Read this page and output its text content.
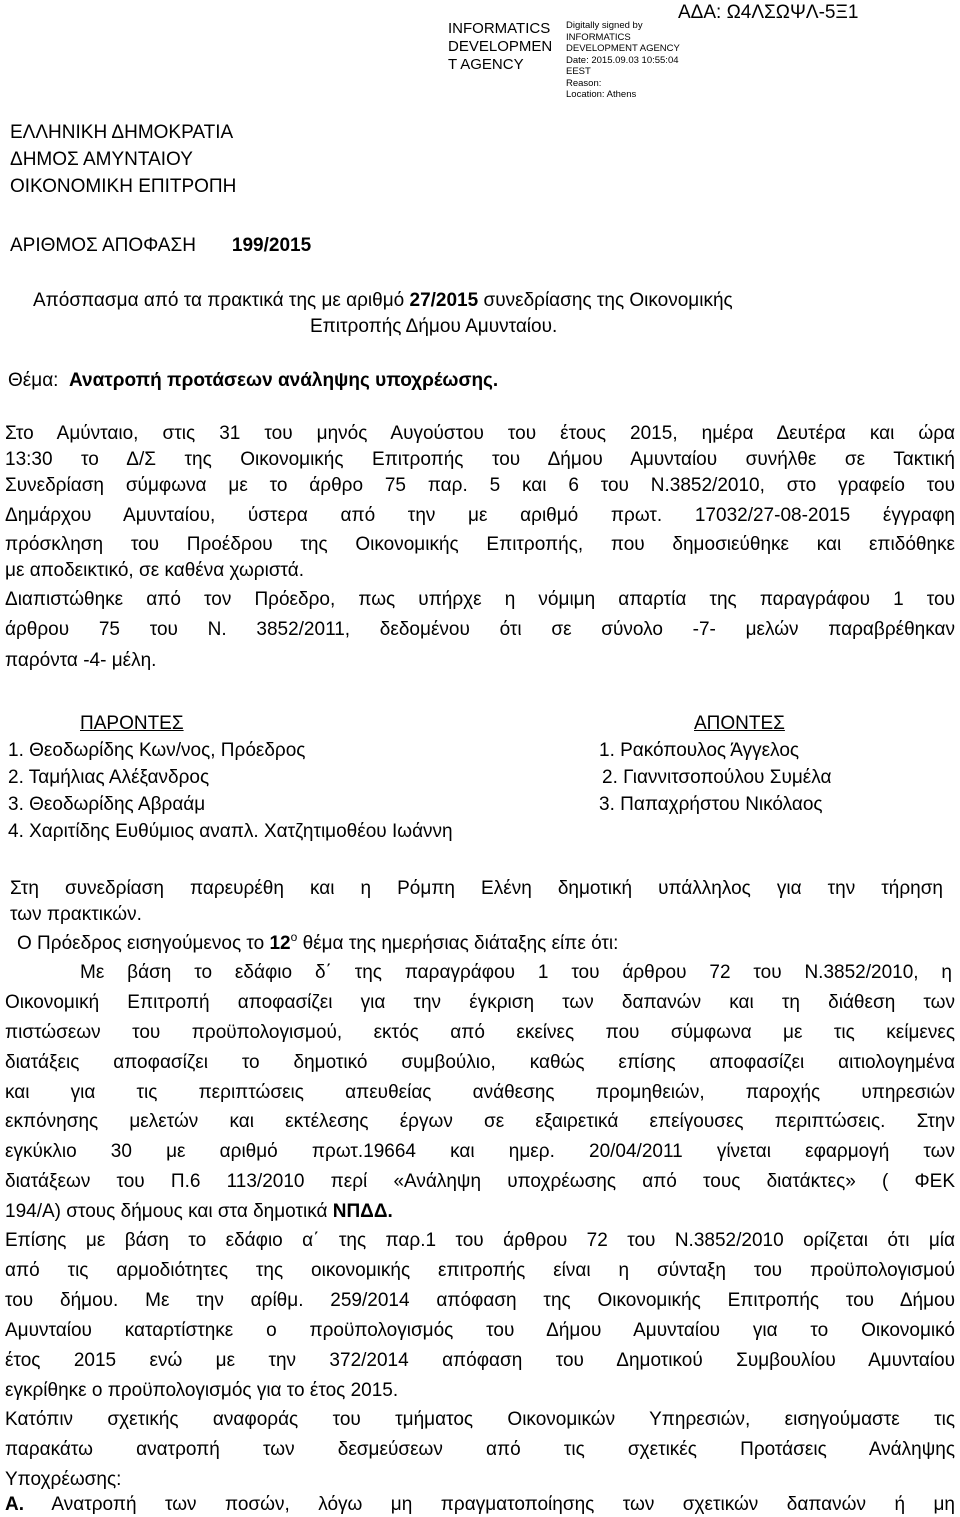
INFORMATICS
DEVELOPMEN
T AGENCY
Digitally signed by
INFORMATICS
DEVELOPMENT AGENCY
Date: 2015.09.03 10:55:04
EEST
Reason:
Location: Athens
ΑΔΑ: Ω4ΛΣΩΨΛ-5Ξ1
ΕΛΛΗΝΙΚΗ ΔΗΜΟΚΡΑΤΙΑ
ΔΗΜΟΣ ΑΜΥΝΤΑΙΟΥ
ΟΙΚΟΝΟΜΙΚΗ ΕΠΙΤΡΟΠΗ
ΑΡΙΘΜΟΣ ΑΠΟΦΑΣΗ 199/2015
Απόσπασμα από τα πρακτικά της με αριθμό 27/2015 συνεδρίασης της Οικονομικής
Επιτροπής Δήμου Αμυνταίου.
Θέμα: Ανατροπή προτάσεων ανάληψης υποχρέωσης.
Στο Αμύνταιο, στις 31 του μηνός Αυγούστου του έτους 2015, ημέρα Δευτέρα και ώρα
13:30 το Δ/Σ της Οικονομικής Επιτροπής του Δήμου Αμυνταίου συνήλθε σε Τακτική
Συνεδρίαση σύμφωνα με το άρθρο 75 παρ. 5 και 6 του Ν.3852/2010, στο γραφείο του
Δημάρχου Αμυνταίου, ύστερα από την με αριθμό πρωτ. 17032/27-08-2015 έγγραφη
πρόσκληση του Προέδρου της Οικονομικής Επιτροπής, που δημοσιεύθηκε και επιδόθηκε
με αποδεικτικό, σε καθένα χωριστά.
Διαπιστώθηκε από τον Πρόεδρο, πως υπήρχε η νόμιμη απαρτία της παραγράφου 1 του
άρθρου 75 του Ν. 3852/2011, δεδομένου ότι σε σύνολο -7- μελών παραβρέθηκαν
παρόντα -4- μέλη.
ΠΑΡΟΝΤΕΣ	ΑΠΟΝΤΕΣ
1. Θεοδωρίδης Κων/νος, Πρόεδρος
2. Ταμήλιας Αλέξανδρος
3. Θεοδωρίδης Αβραάμ
4. Χαριτίδης Ευθύμιος αναπλ. Χατζητιμοθέου Ιωάννη
1. Ρακόπουλος Άγγελος
2. Γιαννιτσοπούλου Συμέλα
3. Παπαχρήστου Νικόλαος
Στη συνεδρίαση παρευρέθη και η Ρόμπη Ελένη δημοτική υπάλληλος για την τήρηση
των πρακτικών.
Ο Πρόεδρος εισηγούμενος το $12^o$ θέμα της ημερήσιας διάταξης είπε ότι:
Με βάση το εδάφιο δ΄ της παραγράφου 1 του άρθρου 72 του Ν.3852/2010, η
Οικονομική Επιτροπή αποφασίζει για την έγκριση των δαπανών και τη διάθεση των
πιστώσεων του προϋπολογισμού, εκτός από εκείνες που σύμφωνα με τις κείμενες
διατάξεις αποφασίζει το δημοτικό συμβούλιο, καθώς επίσης αποφασίζει αιτιολογημένα
και για τις περιπτώσεις απευθείας ανάθεσης προμηθειών, παροχής υπηρεσιών
εκπόνησης μελετών και εκτέλεσης έργων σε εξαιρετικά επείγουσες περιπτώσεις. Στην
εγκύκλιο 30 με αριθμό πρωτ.19664 και ημερ. 20/04/2011 γίνεται εφαρμογή των
διατάξεων του Π.6 113/2010 περί «Ανάληψη υποχρέωσης από τους διατάκτες» ( ΦΕΚ
194/Α) στους δήμους και στα δημοτικά ΝΠΔΔ.
Επίσης με βάση το εδάφιο α΄ της παρ.1 του άρθρου 72 του Ν.3852/2010 ορίζεται ότι μία
από τις αρμοδιότητες της οικονομικής επιτροπής είναι η σύνταξη του προϋπολογισμού
του δήμου. Με την αρίθμ. 259/2014 απόφαση της Οικονομικής Επιτροπής του Δήμου
Αμυνταίου καταρτίστηκε ο προϋπολογισμός του Δήμου Αμυνταίου για το Οικονομικό
έτος 2015 ενώ με την 372/2014 απόφαση του Δημοτικού Συμβουλίου Αμυνταίου
εγκρίθηκε ο προϋπολογισμός για το έτος 2015.
Κατόπιν σχετικής αναφοράς του τμήματος Οικονομικών Υπηρεσιών, εισηγούμαστε τις
παρακάτω ανατροπή των δεσμεύσεων από τις σχετικές Προτάσεις Ανάληψης
Υποχρέωσης:
Α. Ανατροπή των ποσών, λόγω μη πραγματοποίησης των σχετικών δαπανών ή μη
